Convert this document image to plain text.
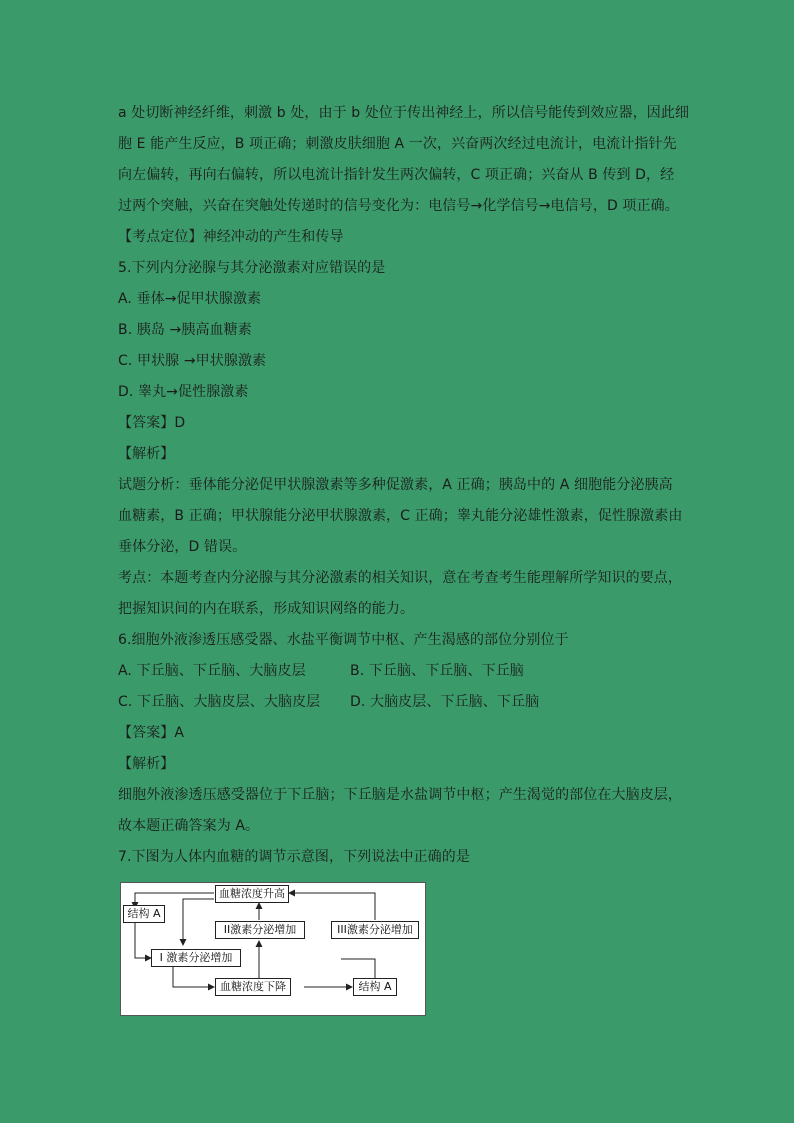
a 处切断神经纤维，刺激 b 处，由于 b 处位于传出神经上，所以信号能传到效应器，因此细
胞 E 能产生反应，B 项正确；刺激皮肤细胞 A 一次，兴奋两次经过电流计，电流计指针先
向左偏转，再向右偏转，所以电流计指针发生两次偏转，C 项正确；兴奋从 B 传到 D，经
过两个突触，兴奋在突触处传递时的信号变化为：电信号→化学信号→电信号，D 项正确。
【考点定位】神经冲动的产生和传导
5.下列内分泌腺与其分泌激素对应错误的是
A. 垂体→促甲状腺激素
B. 胰岛 →胰高血糖素
C. 甲状腺 →甲状腺激素
D. 睾丸→促性腺激素
【答案】D
【解析】
试题分析：垂体能分泌促甲状腺激素等多种促激素，A 正确；胰岛中的 A 细胞能分泌胰高
血糖素，B 正确；甲状腺能分泌甲状腺激素，C 正确；睾丸能分泌雄性激素，促性腺激素由
垂体分泌，D 错误。
考点：本题考查内分泌腺与其分泌激素的相关知识，意在考查考生能理解所学知识的要点，
把握知识间的内在联系，形成知识网络的能力。
6.细胞外液渗透压感受器、水盐平衡调节中枢、产生渴感的部位分别位于
A. 下丘脑、下丘脑、大脑皮层	B. 下丘脑、下丘脑、下丘脑
C. 下丘脑、大脑皮层、大脑皮层	D. 大脑皮层、下丘脑、下丘脑
【答案】A
【解析】
细胞外液渗透压感受器位于下丘脑；下丘脑是水盐调节中枢；产生渴觉的部位在大脑皮层，
故本题正确答案为 A。
7.下图为人体内血糖的调节示意图，下列说法中正确的是
血糖浓度升高
结构 A
II激素分泌增加	III激素分泌增加
I 激素分泌增加
血糖浓度下降	结构 A
